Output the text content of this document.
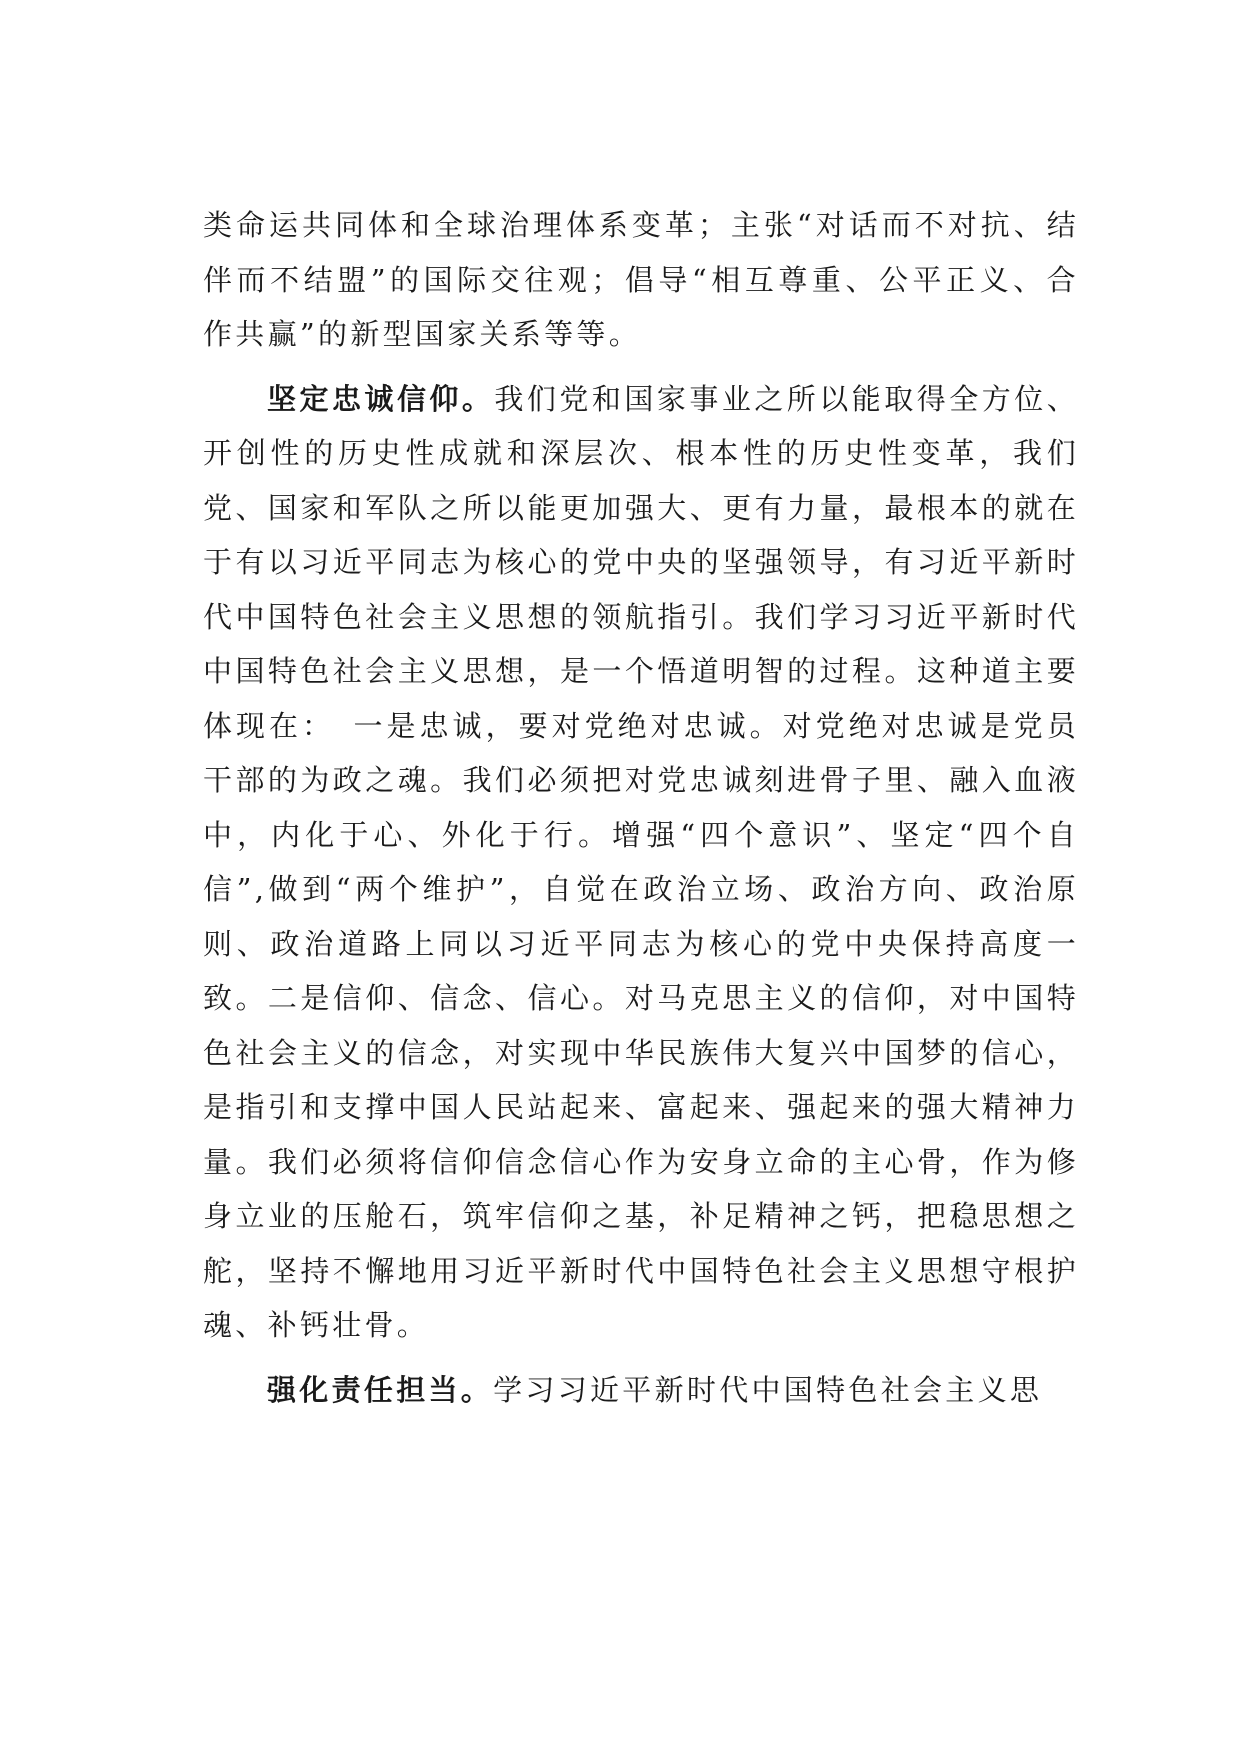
类命运共同体和全球治理体系变革；主张“对话而不对抗、结伴而不结盟”的国际交往观；倡导“相互尊重、公平正义、合作共赢”的新型国家关系等等。

坚定忠诚信仰。我们党和国家事业之所以能取得全方位、开创性的历史性成就和深层次、根本性的历史性变革，我们党、国家和军队之所以能更加强大、更有力量，最根本的就在于有以习近平同志为核心的党中央的坚强领导，有习近平新时代中国特色社会主义思想的领航指引。我们学习习近平新时代中国特色社会主义思想，是一个悟道明智的过程。这种道主要体现在：　一是忠诚，要对党绝对忠诚。对党绝对忠诚是党员干部的为政之魂。我们必须把对党忠诚刻进骨子里、融入血液中，内化于心、外化于行。增强“四个意识”、坚定“四个自信”,做到“两个维护”，自觉在政治立场、政治方向、政治原则、政治道路上同以习近平同志为核心的党中央保持高度一致。二是信仰、信念、信心。对马克思主义的信仰，对中国特色社会主义的信念，对实现中华民族伟大复兴中国梦的信心，是指引和支撑中国人民站起来、富起来、强起来的强大精神力量。我们必须将信仰信念信心作为安身立命的主心骨，作为修身立业的压舱石，筑牢信仰之基，补足精神之钙，把稳思想之舵，坚持不懈地用习近平新时代中国特色社会主义思想守根护魂、补钙壮骨。

强化责任担当。学习习近平新时代中国特色社会主义思
